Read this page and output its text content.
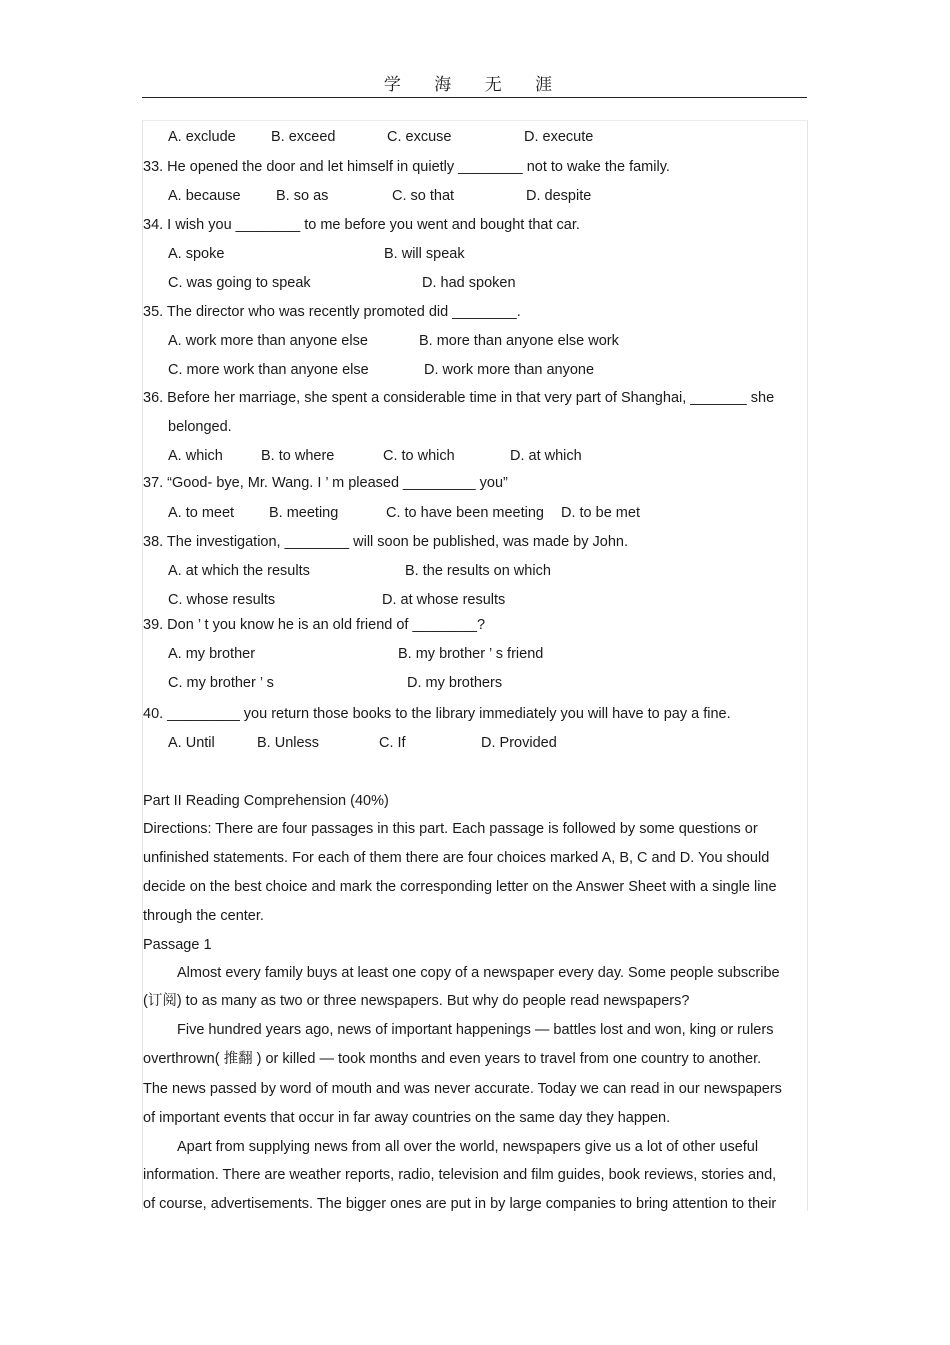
学 海 无 涯
A. exclude B. exceed	C. excuse	D. execute
33. He opened the door and let himself in quietly ________ not to wake the family.
A. because B. so as	C. so that	D. despite
34. I wish you ________ to me before you went and bought that car.
A. spoke	B. will speak
C. was going to speak	D. had spoken
35. The director who was recently promoted did ________.
A. work more than anyone else	B. more than anyone else work
C. more work than anyone else	D. work more than anyone
36. Before her marriage, she spent a considerable time in that very part of Shanghai, _______ she
belonged.
A. which	B. to where	C. to which	D. at which
37. “Good- bye, Mr. Wang. I ’ m pleased _________ you”
A. to meet B. meeting	C. to have been meeting D. to be met
38. The investigation, ________ will soon be published, was made by John.
A. at which the results	B. the results on which
C. whose results	D. at whose results
39. Don ’ t you know he is an old friend of ________?
A. my brother	B. my brother ’ s friend
C. my brother ’ s	D. my brothers
40. _________ you return those books to the library immediately you will have to pay a fine.
A. Until	B. Unless	C. If	D. Provided
Part II Reading Comprehension (40%)
Directions: There are four passages in this part. Each passage is followed by some questions or
unfinished statements. For each of them there are four choices marked A, B, C and D. You should
decide on the best choice and mark the corresponding letter on the Answer Sheet with a single line
through the center.
Passage 1
Almost every family buys at least one copy of a newspaper every day. Some people subscribe
(订阅) to as many as two or three newspapers. But why do people read newspapers?
Five hundred years ago, news of important happenings — battles lost and won, king or rulers
overthrown( 推翻 ) or killed — took months and even years to travel from one country to another.
The news passed by word of mouth and was never accurate. Today we can read in our newspapers
of important events that occur in far away countries on the same day they happen.
Apart from supplying news from all over the world, newspapers give us a lot of other useful
information. There are weather reports, radio, television and film guides, book reviews, stories and,
of course, advertisements. The bigger ones are put in by large companies to bring attention to their
